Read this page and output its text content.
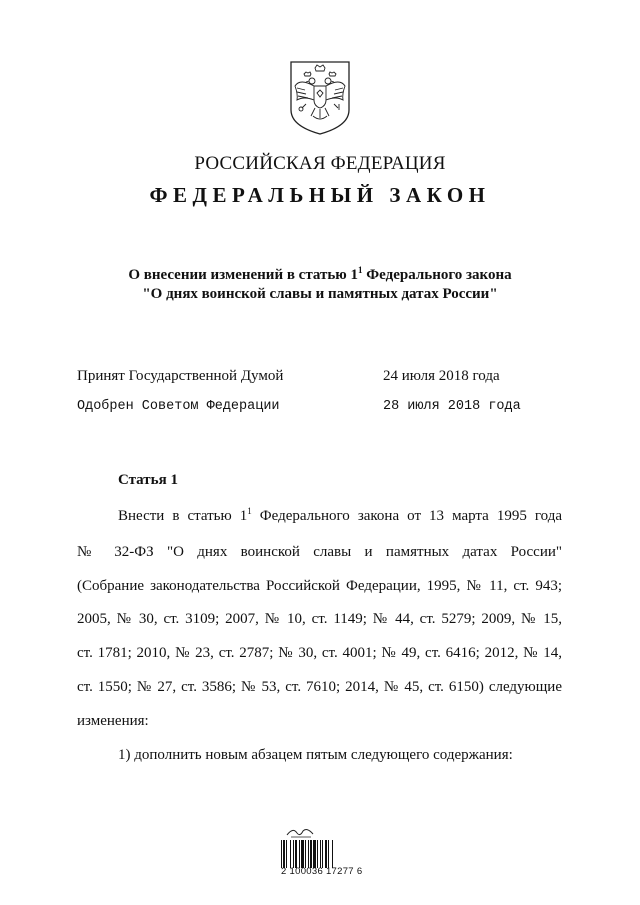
РОССИЙСКАЯ ФЕДЕРАЦИЯ
ФЕДЕРАЛЬНЫЙ ЗАКОН
О внесении изменений в статью $1^1$ Федерального закона
"О днях воинской славы и памятных датах России"
Принят Государственной Думой	24 июля 2018 года
Одобрен Советом Федерации	28 июля 2018 года
Статья 1
Внести в статью $1^1$ Федерального закона от 13 марта 1995 года
№ 32-ФЗ "О днях воинской славы и памятных датах России"
(Собрание законодательства Российской Федерации, 1995, № 11, ст. 943;
2005, № 30, ст. 3109; 2007, № 10, ст. 1149; № 44, ст. 5279; 2009, № 15,
ст. 1781; 2010, № 23, ст. 2787; № 30, ст. 4001; № 49, ст. 6416; 2012, № 14,
ст. 1550; № 27, ст. 3586; № 53, ст. 7610; 2014, № 45, ст. 6150) следующие
изменения:
1) дополнить новым абзацем пятым следующего содержания:
2 100036 17277 6
